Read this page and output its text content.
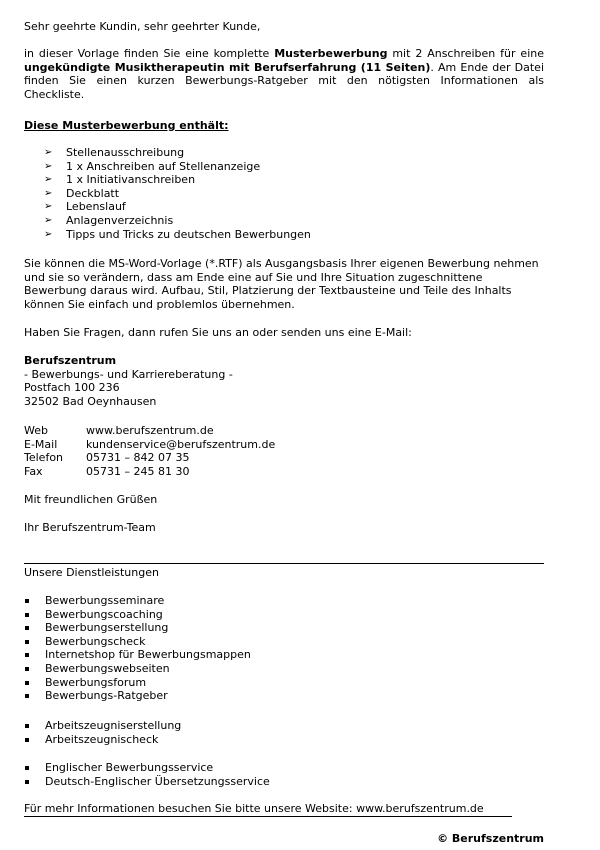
Sehr geehrte Kundin, sehr geehrter Kunde,

in dieser Vorlage finden Sie eine komplette Musterbewerbung mit 2 Anschreiben für eine ungekündigte Musiktherapeutin mit Berufserfahrung (11 Seiten). Am Ende der Datei finden Sie einen kurzen Bewerbungs-Ratgeber mit den nötigsten Informationen als Checkliste.

Diese Musterbewerbung enthält:

➢ Stellenausschreibung
➢ 1 x Anschreiben auf Stellenanzeige
➢ 1 x Initiativanschreiben
➢ Deckblatt
➢ Lebenslauf
➢ Anlagenverzeichnis
➢ Tipps und Tricks zu deutschen Bewerbungen

Sie können die MS-Word-Vorlage (*.RTF) als Ausgangsbasis Ihrer eigenen Bewerbung nehmen und sie so verändern, dass am Ende eine auf Sie und Ihre Situation zugeschnittene Bewerbung daraus wird. Aufbau, Stil, Platzierung der Textbausteine und Teile des Inhalts können Sie einfach und problemlos übernehmen.

Haben Sie Fragen, dann rufen Sie uns an oder senden uns eine E-Mail:

Berufszentrum
- Bewerbungs- und Karriereberatung -
Postfach 100 236
32502 Bad Oeynhausen
Web	www.berufszentrum.de
E-Mail	kundenservice@berufszentrum.de
Telefon	05731 – 842 07 35
Fax	05731 – 245 81 30

Mit freundlichen Grüßen

Ihr Berufszentrum-Team

Unsere Dienstleistungen

Bewerbungsseminare
Bewerbungscoaching
Bewerbungserstellung
Bewerbungscheck
Internetshop für Bewerbungsmappen
Bewerbungswebseiten
Bewerbungsforum
Bewerbungs-Ratgeber
Arbeitszeugniserstellung
Arbeitszeugnischeck
Englischer Bewerbungsservice
Deutsch-Englischer Übersetzungsservice

Für mehr Informationen besuchen Sie bitte unsere Website: www.berufszentrum.de

© Berufszentrum
